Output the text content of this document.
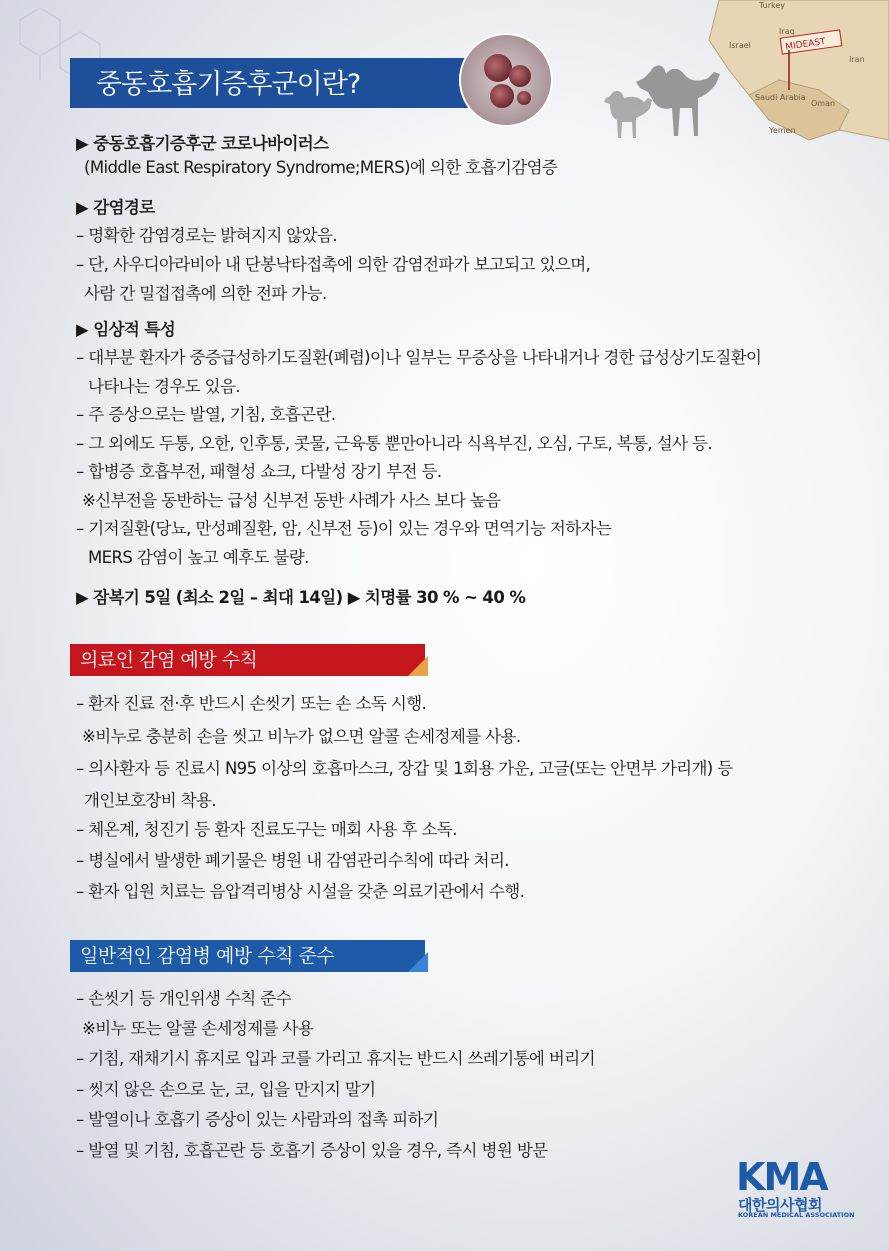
Turkey
Iraq
Israel	MIDEAST
Iran
Saudi Arabia
Oman
Yemen
중동호흡기증후군이란?
▶ 중동호흡기증후군 코로나바이러스
(Middle East Respiratory Syndrome;MERS)에 의한 호흡기감염증
▶ 감염경로
– 명확한 감염경로는 밝혀지지 않았음.
– 단, 사우디아라비아 내 단봉낙타접촉에 의한 감염전파가 보고되고 있으며,
사람 간 밀접접촉에 의한 전파 가능.
▶ 임상적 특성
– 대부분 환자가 중증급성하기도질환(폐렴)이나 일부는 무증상을 나타내거나 경한 급성상기도질환이
나타나는 경우도 있음.
– 주 증상으로는 발열, 기침, 호흡곤란.
– 그 외에도 두통, 오한, 인후통, 콧물, 근육통 뿐만아니라 식욕부진, 오심, 구토, 복통, 설사 등.
– 합병증 호흡부전, 패혈성 쇼크, 다발성 장기 부전 등.
※신부전을 동반하는 급성 신부전 동반 사례가 사스 보다 높음
– 기저질환(당뇨, 만성폐질환, 암, 신부전 등)이 있는 경우와 면역기능 저하자는
MERS 감염이 높고 예후도 불량.
▶ 잠복기 5일 (최소 2일 – 최대 14일) ▶ 치명률 30 % ~ 40 %
의료인 감염 예방 수칙
– 환자 진료 전·후 반드시 손씻기 또는 손 소독 시행.
※비누로 충분히 손을 씻고 비누가 없으면 알콜 손세정제를 사용.
– 의사환자 등 진료시 N95 이상의 호흡마스크, 장갑 및 1회용 가운, 고글(또는 안면부 가리개) 등
개인보호장비 착용.
– 체온계, 청진기 등 환자 진료도구는 매회 사용 후 소독.
– 병실에서 발생한 폐기물은 병원 내 감염관리수칙에 따라 처리.
– 환자 입원 치료는 음압격리병상 시설을 갖춘 의료기관에서 수행.
일반적인 감염병 예방 수칙 준수
– 손씻기 등 개인위생 수칙 준수
※비누 또는 알콜 손세정제를 사용
– 기침, 재채기시 휴지로 입과 코를 가리고 휴지는 반드시 쓰레기통에 버리기
– 씻지 않은 손으로 눈, 코, 입을 만지지 말기
– 발열이나 호흡기 증상이 있는 사람과의 접촉 피하기
– 발열 및 기침, 호흡곤란 등 호흡기 증상이 있을 경우, 즉시 병원 방문
KMA
대한의사협회
KOREAN MEDICAL ASSOCIATION
